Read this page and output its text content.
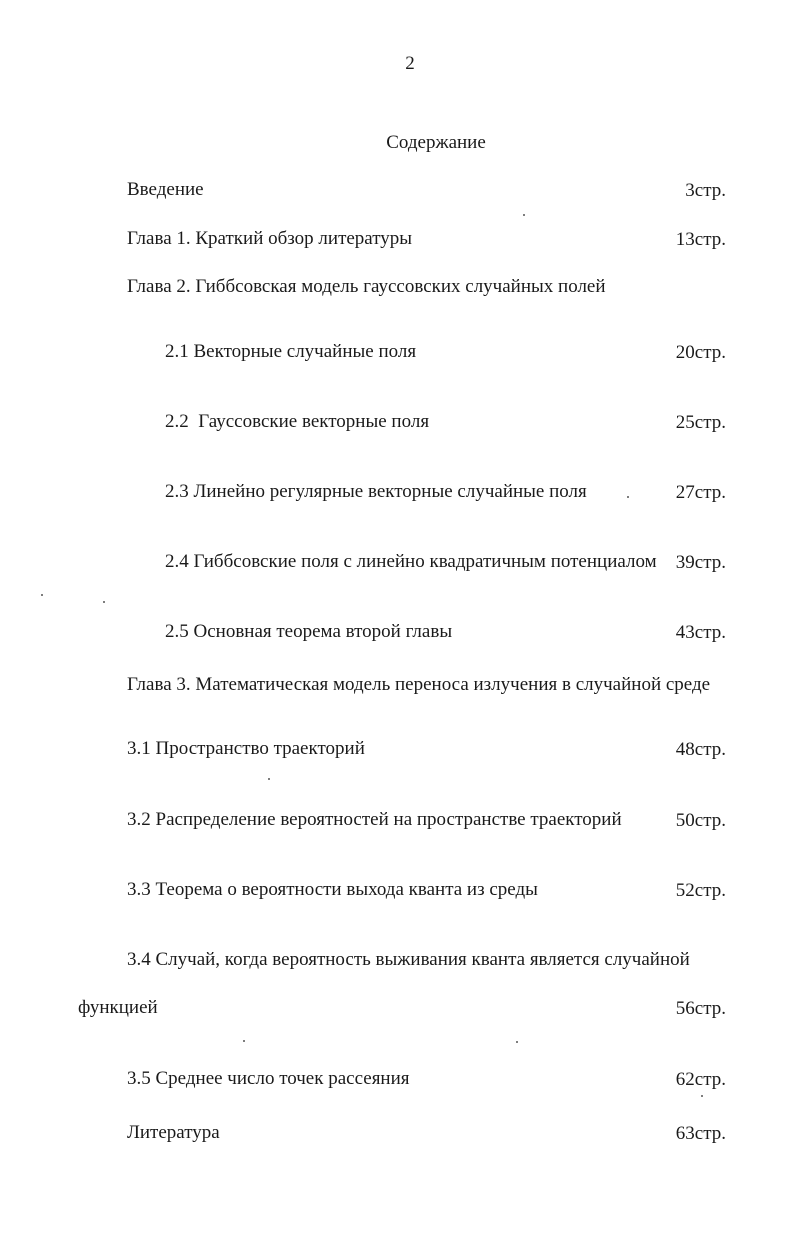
2
Содержание
Введение	3стр.
Глава 1. Краткий обзор литературы	13стр.
Глава 2. Гиббсовская модель гауссовских случайных полей
2.1 Векторные случайные поля	20стр.
2.2  Гауссовские векторные поля	25стр.
2.3 Линейно регулярные векторные случайные поля	27стр.
2.4 Гиббсовские поля с линейно квадратичным потенциалом 39стр.
2.5 Основная теорема второй главы	43стр.
Глава 3. Математическая модель переноса излучения в случайной среде
3.1 Пространство траекторий	48стр.
3.2 Распределение вероятностей на пространстве траекторий	50стр.
3.3 Теорема о вероятности выхода кванта из среды	52стр.
3.4 Случай, когда вероятность выживания кванта является случайной
функцией	56стр.
3.5 Среднее число точек рассеяния	62стр.
Литература	63стр.
